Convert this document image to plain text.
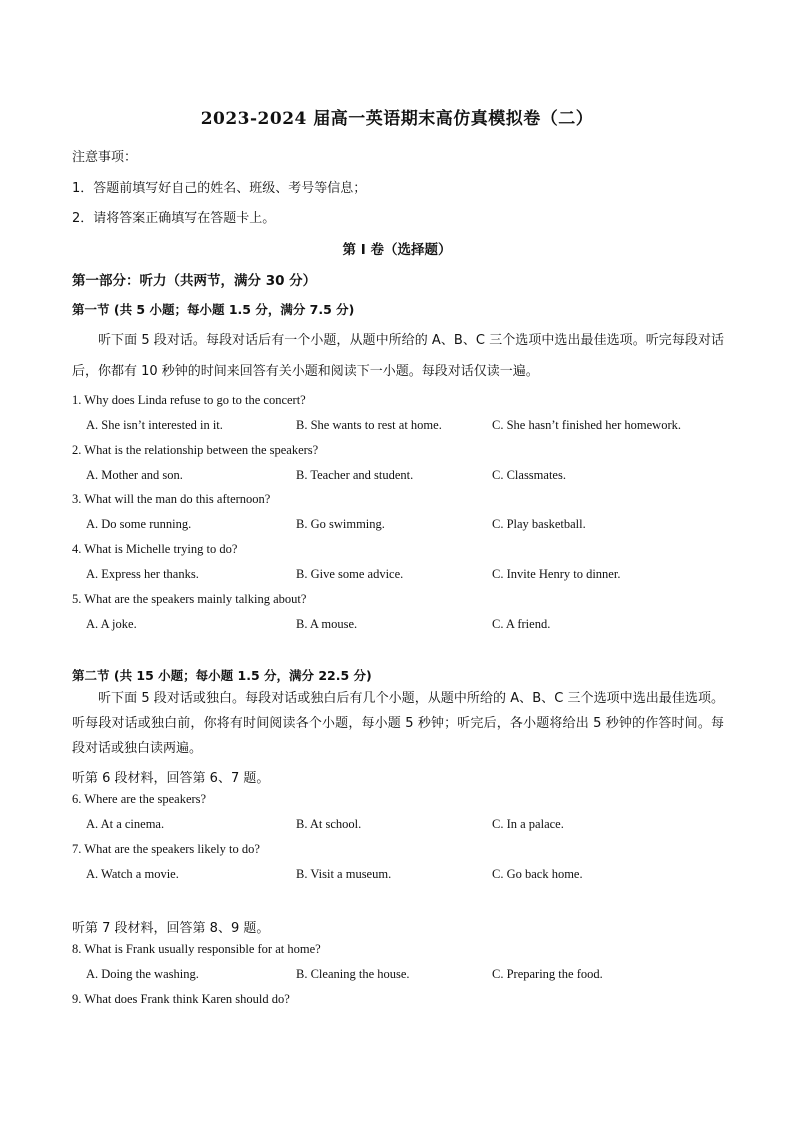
2023-2024 届高一英语期末高仿真模拟卷（二）
注意事项：
1．答题前填写好自己的姓名、班级、考号等信息；
2．请将答案正确填写在答题卡上。
第 I 卷（选择题）
第一部分：听力（共两节，满分 30 分）
第一节 (共 5 小题；每小题 1.5 分，满分 7.5 分)
听下面 5 段对话。每段对话后有一个小题，从题中所给的 A、B、C 三个选项中选出最佳选项。听完每段对话后，你都有 10 秒钟的时间来回答有关小题和阅读下一小题。每段对话仅读一遍。
1. Why does Linda refuse to go to the concert?
A. She isn’t interested in it.	B. She wants to rest at home.	C. She hasn’t finished her homework.
2. What is the relationship between the speakers?
A. Mother and son.	B. Teacher and student.	C. Classmates.
3. What will the man do this afternoon?
A. Do some running.	B. Go swimming.	C. Play basketball.
4. What is Michelle trying to do?
A. Express her thanks.	B. Give some advice.	C. Invite Henry to dinner.
5. What are the speakers mainly talking about?
A. A joke.	B. A mouse.	C. A friend.
第二节 (共 15 小题；每小题 1.5 分，满分 22.5 分)
听下面 5 段对话或独白。每段对话或独白后有几个小题，从题中所给的 A、B、C 三个选项中选出最佳选项。听每段对话或独白前，你将有时间阅读各个小题，每小题 5 秒钟；听完后，各小题将给出 5 秒钟的作答时间。每段对话或独白读两遍。
听第 6 段材料，回答第 6、7 题。
6. Where are the speakers?
A. At a cinema.	B. At school.	C. In a palace.
7. What are the speakers likely to do?
A. Watch a movie.	B. Visit a museum.	C. Go back home.
听第 7 段材料，回答第 8、9 题。
8. What is Frank usually responsible for at home?
A. Doing the washing.	B. Cleaning the house.	C. Preparing the food.
9. What does Frank think Karen should do?
